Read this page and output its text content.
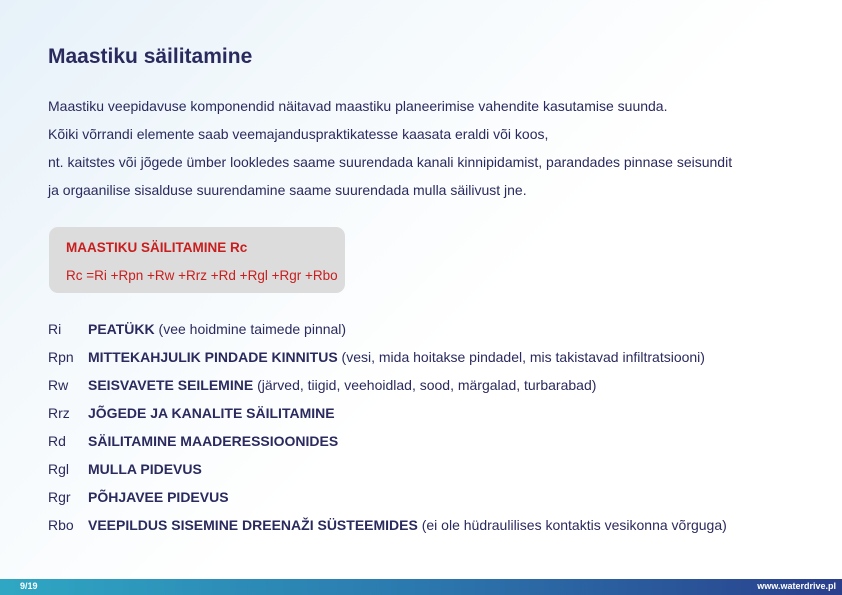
Maastiku säilitamine

Maastiku veepidavuse komponendid näitavad maastiku planeerimise vahendite kasutamise suunda.

Kõiki võrrandi elemente saab veemajanduspraktikatesse kaasata eraldi või koos,

nt. kaitstes või jõgede ümber lookledes saame suurendada kanali kinnipidamist, parandades pinnase seisundit

ja orgaanilise sisalduse suurendamine saame suurendada mulla säilivust jne.

MAASTIKU SÄILITAMINE Rc
Rc =Ri +Rpn +Rw +Rrz +Rd +Rgl +Rgr +Rbo
Ri	PEATÜKK (vee hoidmine taimede pinnal)
Rpn	MITTEKAHJULIK PINDADE KINNITUS (vesi, mida hoitakse pindadel, mis takistavad infiltratsiooni)
Rw	SEISVAVETE SEILEMINE (järved, tiigid, veehoidlad, sood, märgalad, turbarabad)
Rrz	JÕGEDE JA KANALITE SÄILITAMINE
Rd	SÄILITAMINE MAADERESSIOONIDES
Rgl	MULLA PIDEVUS
Rgr	PÕHJAVEE PIDEVUS
Rbo	VEEPILDUS SISEMINE DREENAŽI SÜSTEEMIDES (ei ole hüdraulilises kontaktis vesikonna võrguga)
9/19	www.waterdrive.pl
